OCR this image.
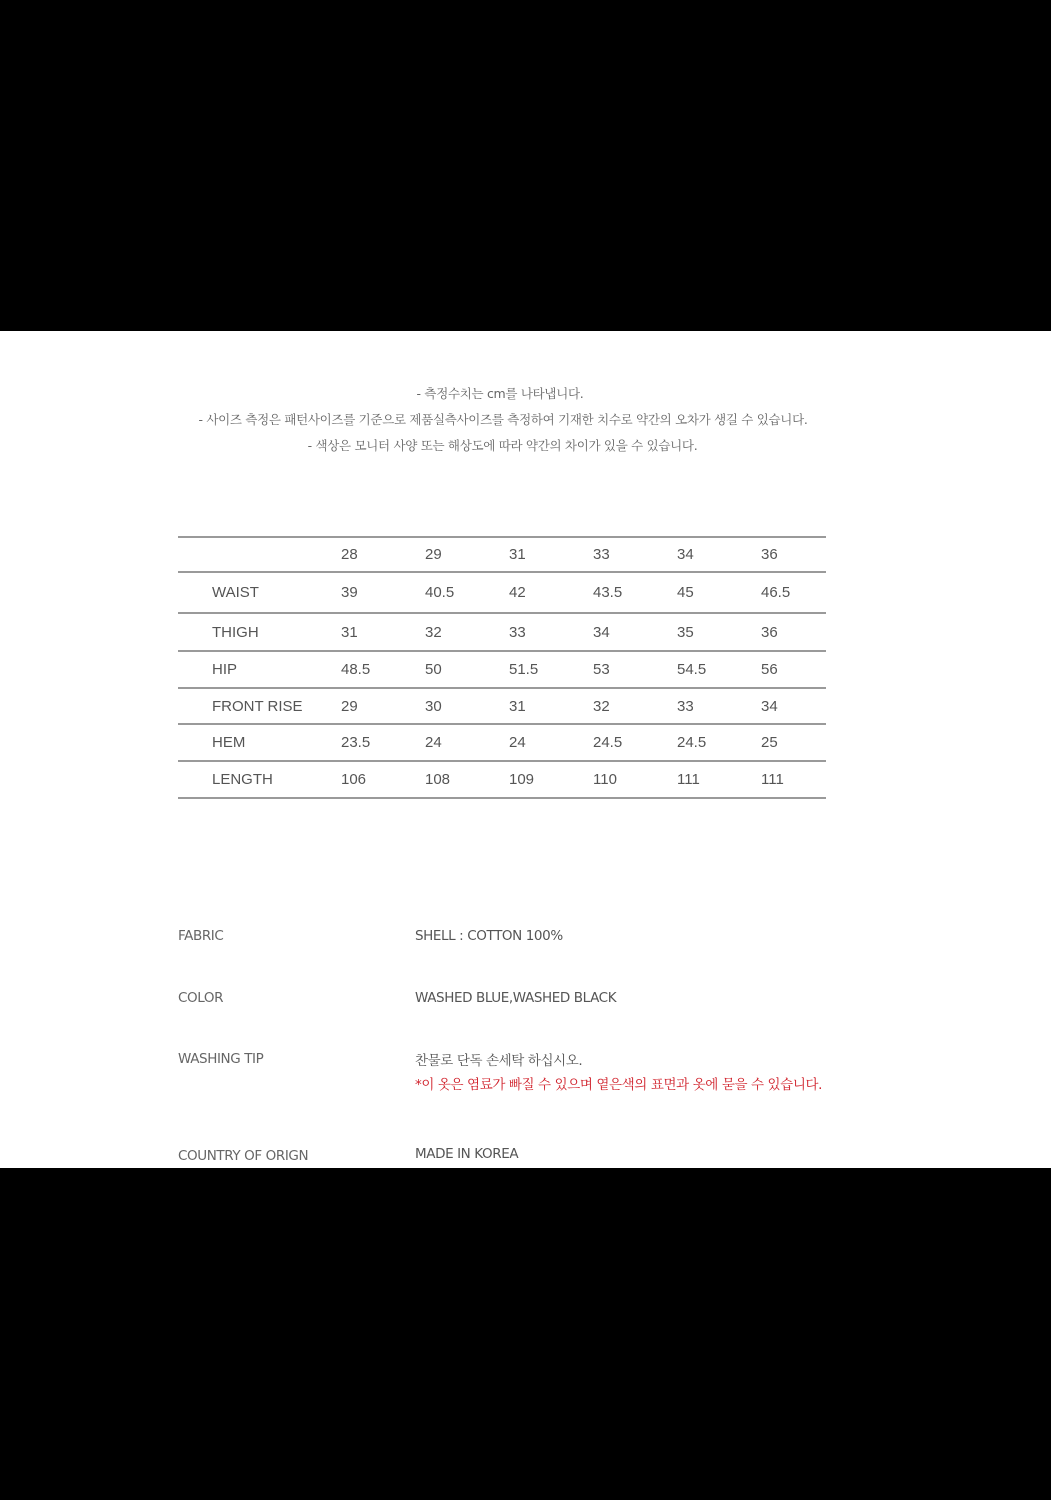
- 측정수치는 cm를 나타냅니다.
- 사이즈 측정은 패턴사이즈를 기준으로 제품실측사이즈를 측정하여 기재한 치수로 약간의 오차가 생길 수 있습니다.
- 색상은 모니터 사양 또는 해상도에 따라 약간의 차이가 있을 수 있습니다.
	28	29	31	33	34	36
WAIST	39	40.5	42	43.5	45	46.5
THIGH	31	32	33	34	35	36
HIP	48.5	50	51.5	53	54.5	56
FRONT RISE	29	30	31	32	33	34
HEM	23.5	24	24	24.5	24.5	25
LENGTH	106	108	109	110	111	111
FABRIC	SHELL : COTTON 100%
COLOR	WASHED BLUE,WASHED BLACK
WASHING TIP	찬물로 단독 손세탁 하십시오.
*이 옷은 염료가 빠질 수 있으며 옅은색의 표면과 옷에 묻을 수 있습니다.
COUNTRY OF ORIGN	MADE IN KOREA
